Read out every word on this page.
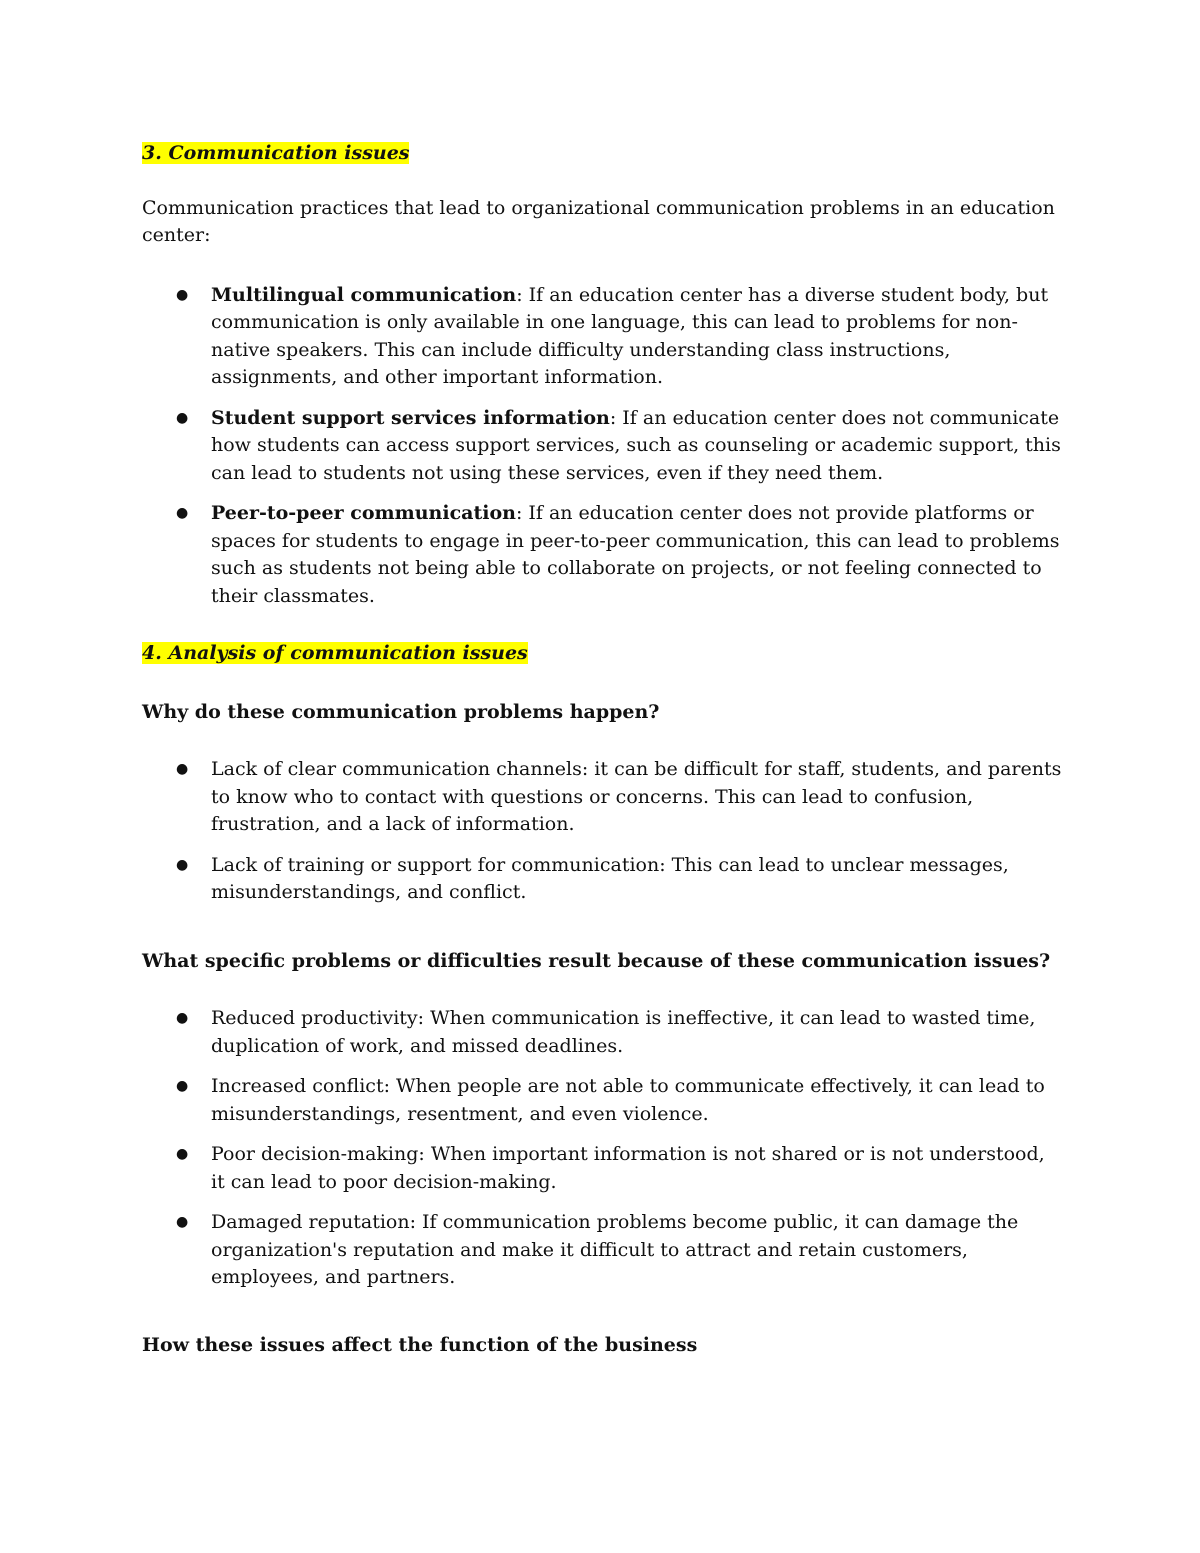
3. Communication issues

Communication practices that lead to organizational communication problems in an education center:

● Multilingual communication: If an education center has a diverse student body, but communication is only available in one language, this can lead to problems for non-native speakers. This can include difficulty understanding class instructions, assignments, and other important information.
● Student support services information: If an education center does not communicate how students can access support services, such as counseling or academic support, this can lead to students not using these services, even if they need them.
● Peer-to-peer communication: If an education center does not provide platforms or spaces for students to engage in peer-to-peer communication, this can lead to problems such as students not being able to collaborate on projects, or not feeling connected to their classmates.

4. Analysis of communication issues

Why do these communication problems happen?

● Lack of clear communication channels: it can be difficult for staff, students, and parents to know who to contact with questions or concerns. This can lead to confusion, frustration, and a lack of information.
● Lack of training or support for communication: This can lead to unclear messages, misunderstandings, and conflict.

What specific problems or difficulties result because of these communication issues?

● Reduced productivity: When communication is ineffective, it can lead to wasted time, duplication of work, and missed deadlines.
● Increased conflict: When people are not able to communicate effectively, it can lead to misunderstandings, resentment, and even violence.
● Poor decision-making: When important information is not shared or is not understood, it can lead to poor decision-making.
● Damaged reputation: If communication problems become public, it can damage the organization's reputation and make it difficult to attract and retain customers, employees, and partners.

How these issues affect the function of the business
